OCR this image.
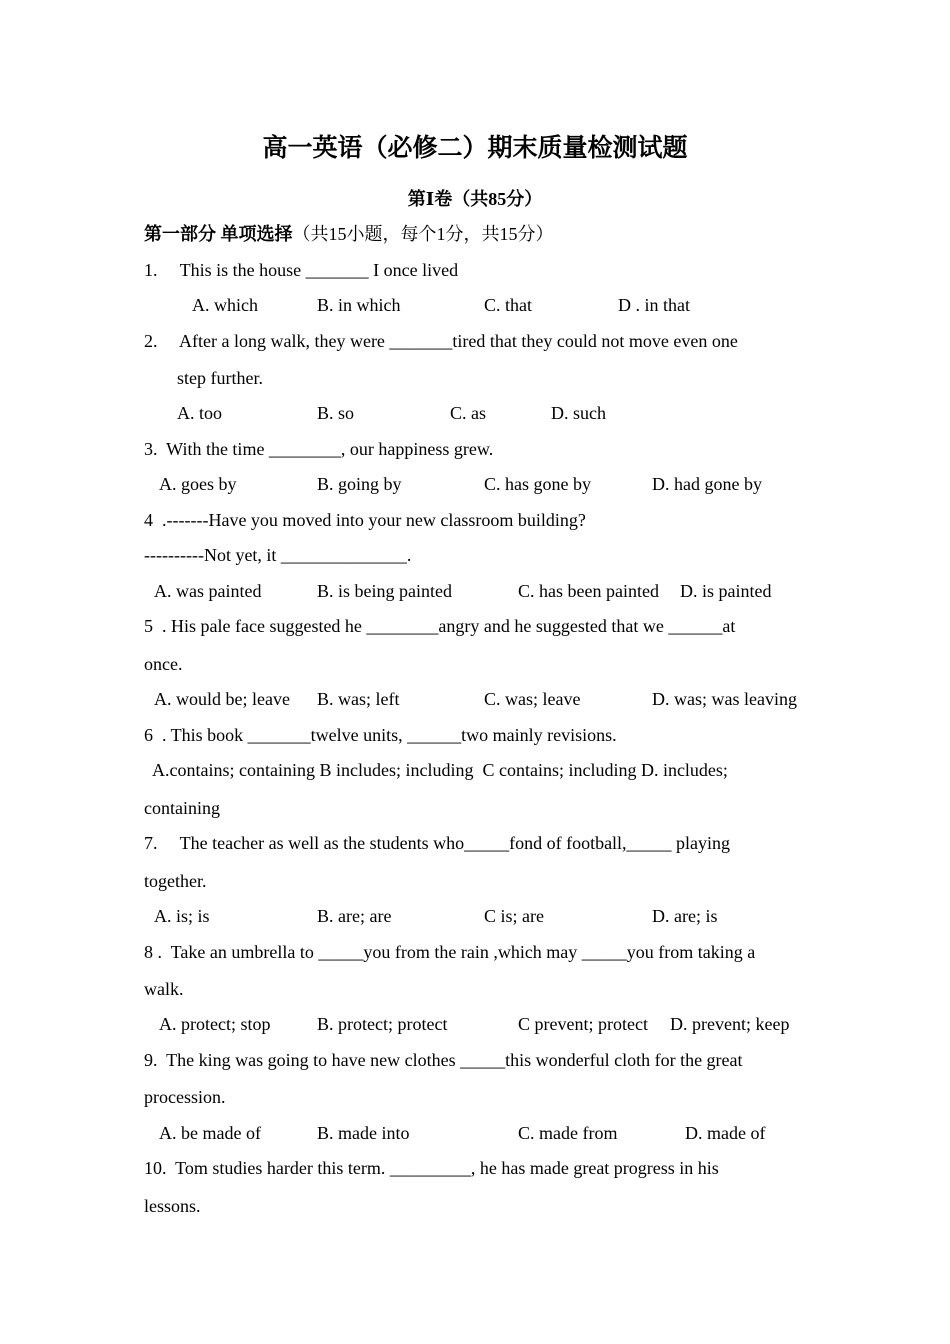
高一英语（必修二）期末质量检测试题
第Ⅰ卷（共85分）
第一部分 单项选择（共15小题，每个1分，共15分）
1.     This is the house _______ I once lived
A. which	B. in which	C. that	D . in that
2.     After a long walk, they were _______tired that they could not move even one
step further.
A. too	B. so	C. as	D. such
3.  With the time ________, our happiness grew.
A. goes by	B. going by	C. has gone by	D. had gone by
4  .-------Have you moved into your new classroom building?
----------Not yet, it ______________.
A. was painted	B. is being painted	C. has been painted D. is painted
5  . His pale face suggested he ________angry and he suggested that we ______at
once.
A. would be; leave B. was; left	C. was; leave	D. was; was leaving
6  . This book _______twelve units, ______two mainly revisions.
A.contains; containing B includes; including  C contains; including D. includes;
containing
7.     The teacher as well as the students who_____fond of football,_____ playing
together.
A. is; is	B. are; are	C is; are	D. are; is
8 .  Take an umbrella to _____you from the rain ,which may _____you from taking a
walk.
A. protect; stop	B. protect; protect	C prevent; protect D. prevent; keep
9.  The king was going to have new clothes _____this wonderful cloth for the great
procession.
A. be made of	B. made into	C. made from	D. made of
10.  Tom studies harder this term. _________, he has made great progress in his
lessons.
